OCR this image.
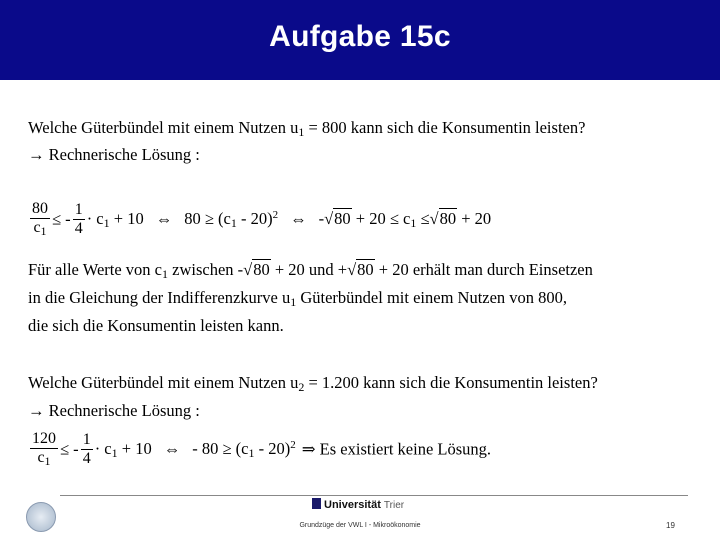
Aufgabe 15c
Welche Güterbündel mit einem Nutzen $u_1 = 800$ kann sich die Konsumentin leisten?
→ Rechnerische Lösung :
$\frac{80}{c_1}$ ≤ - $\frac{1}{4} \cdot c_1 + 10$ ⇔ $80 \ge (c_1 - 20)^2$ ⇔ $-√80 + 20 \le c_1 \le√80 + 20$
Für alle Werte von $c_1$ zwischen -√80 + 20 und +√80 + 20 erhält man durch Einsetzen
in die Gleichung der Indifferenzkurve $u_1$ Güterbündel mit einem Nutzen von 800,
die sich die Konsumentin leisten kann.
Welche Güterbündel mit einem Nutzen $u_2 = 1.200$ kann sich die Konsumentin leisten?
→ Rechnerische Lösung :
$\frac{120}{c_1}$ ≤ - $\frac{1}{4} \cdot c_1 + 10$ ⇔ - $80 \ge (c_1 - 20)^2$ ⇒ Es existiert keine Lösung.
Universität Trier
Grundzüge der VWL I - Mikroökonomie	19
